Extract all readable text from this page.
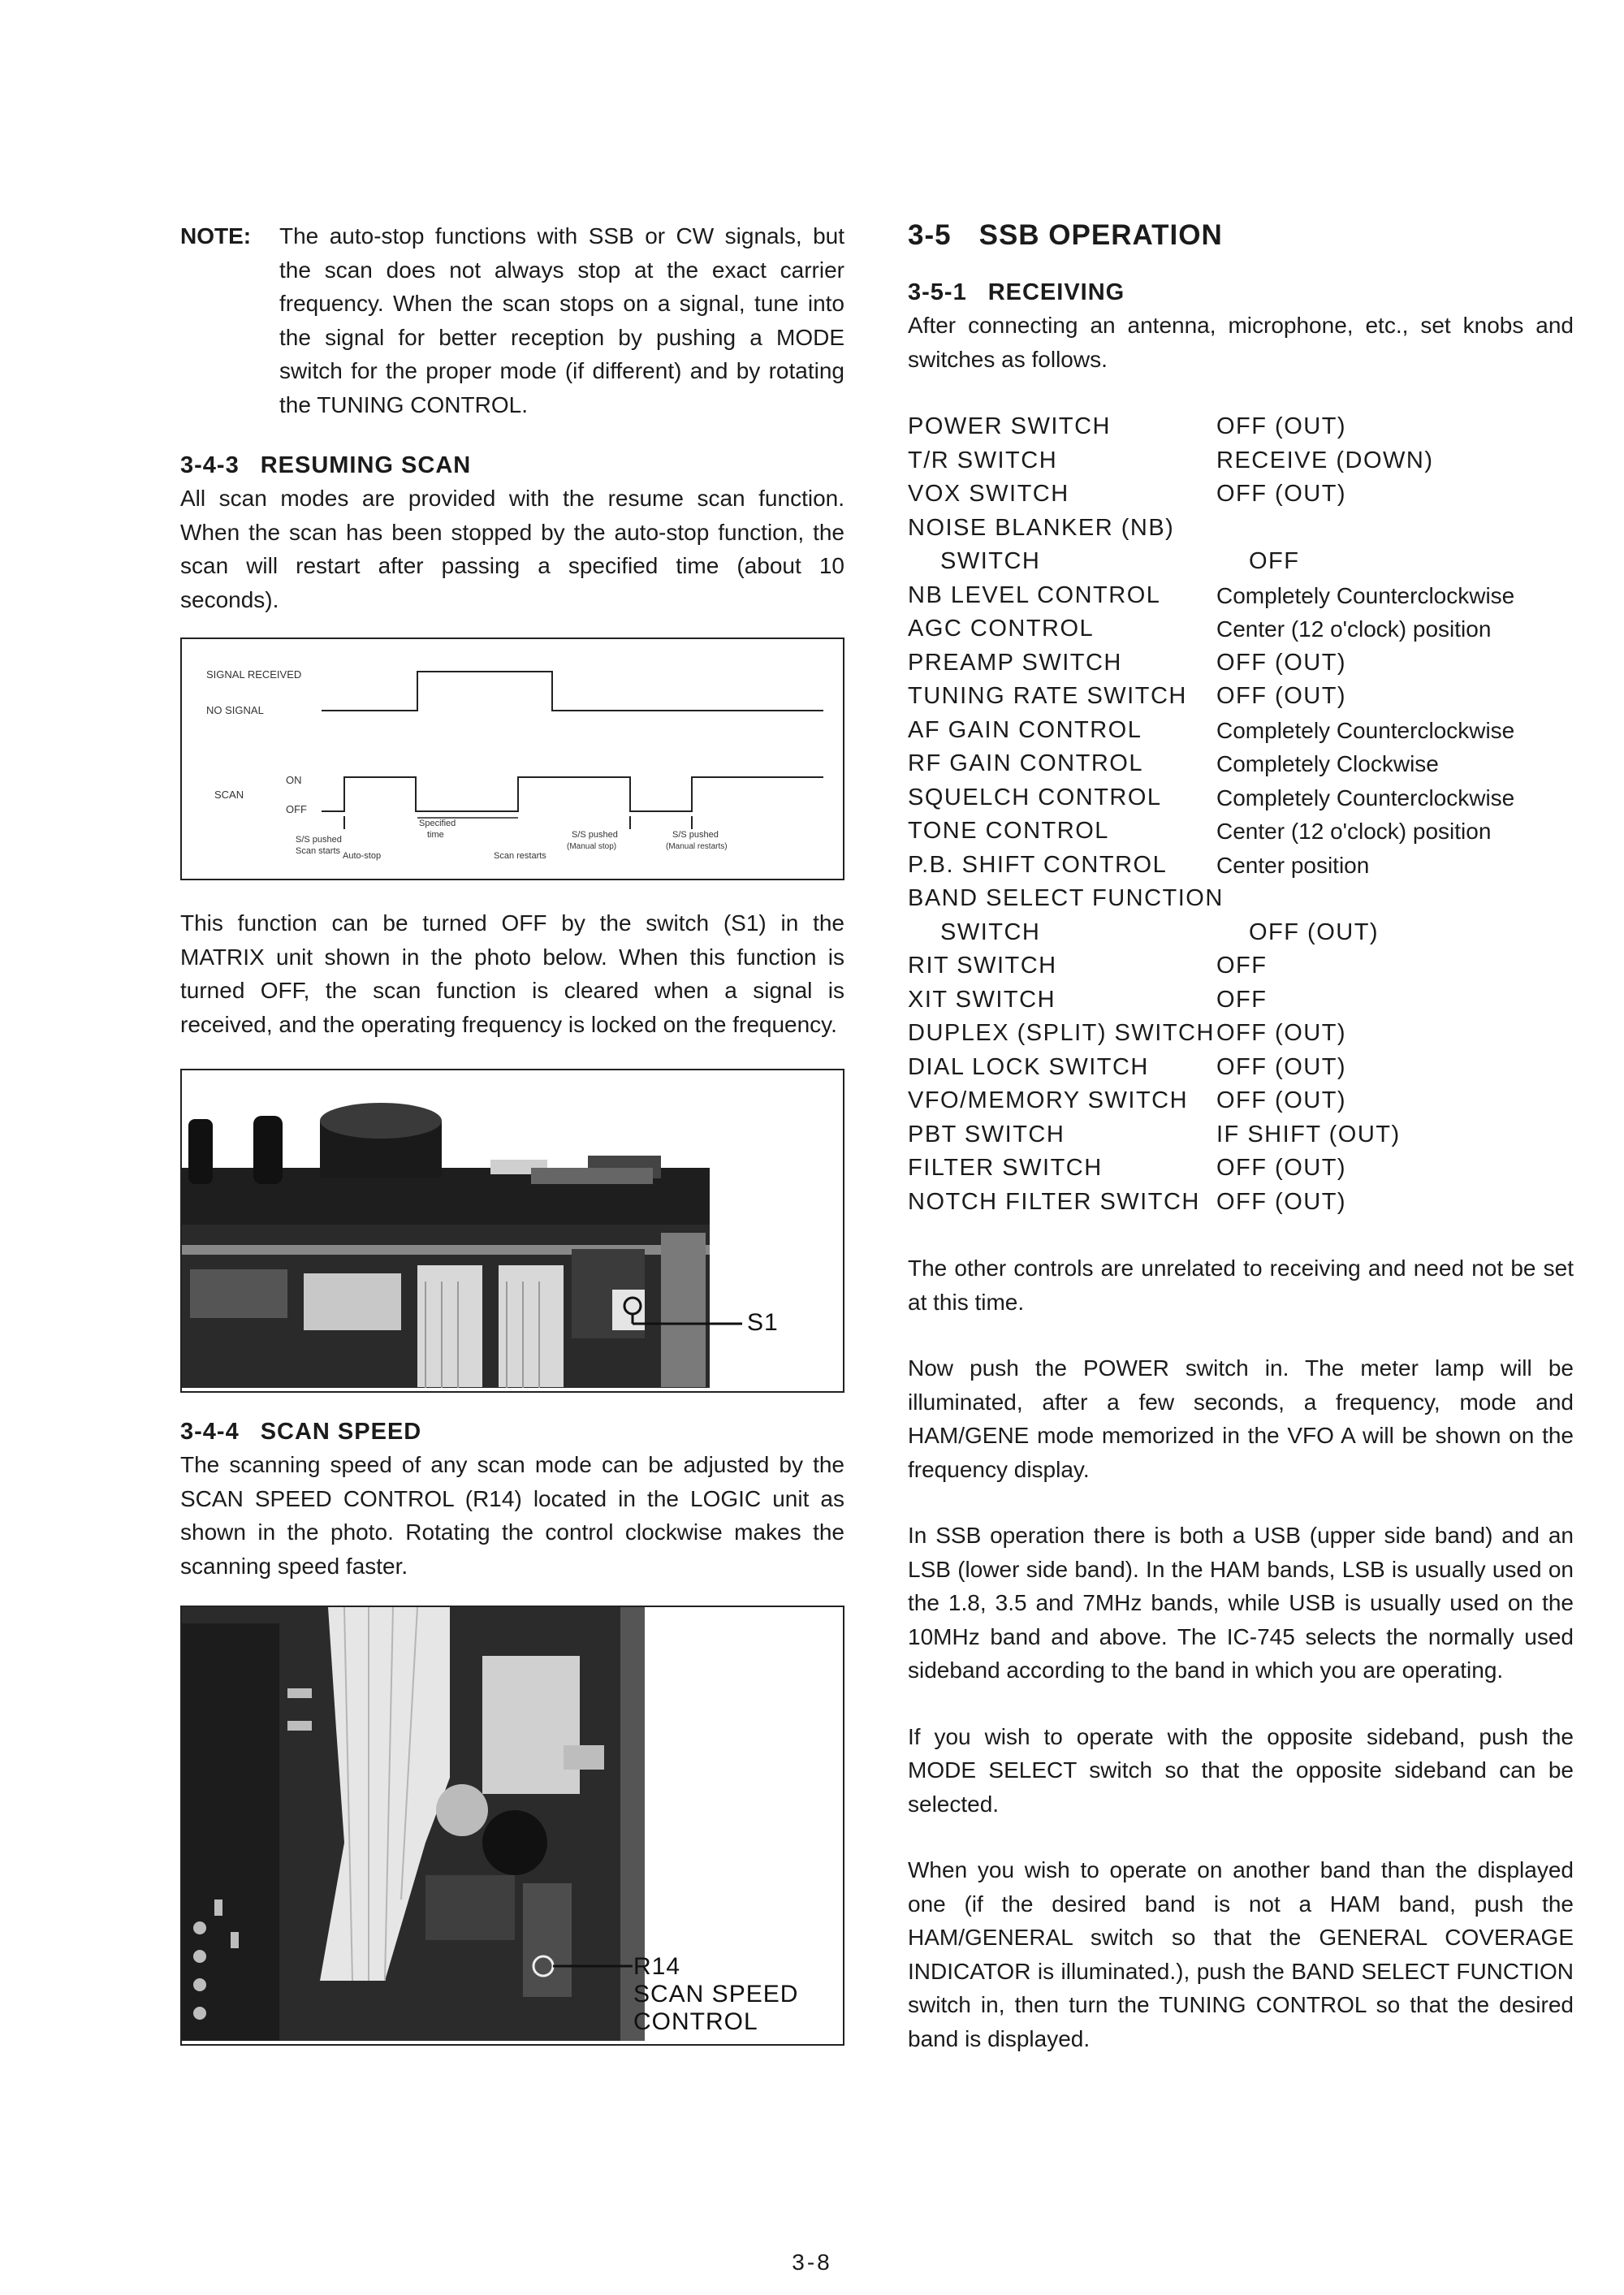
NOTE:	The auto-stop functions with SSB or CW signals, but the scan does not always stop at the exact carrier frequency. When the scan stops on a signal, tune into the signal for better reception by pushing a MODE switch for the proper mode (if different) and by rotating the TUNING CONTROL.
3-4-3 RESUMING SCAN

All scan modes are provided with the resume scan function. When the scan has been stopped by the auto-stop function, the scan will restart after passing a specified time (about 10 seconds).

SIGNAL RECEIVED
NO SIGNAL
ON
SCAN
OFF
S/S pushed
Scan starts
Specified
time
Auto-stop	Scan restarts
S/S pushed
(Manual stop)
S/S pushed
(Manual restarts)

This function can be turned OFF by the switch (S1) in the MATRIX unit shown in the photo below. When this function is turned OFF, the scan function is cleared when a signal is received, and the operating frequency is locked on the frequency.

S1
3-4-4 SCAN SPEED

The scanning speed of any scan mode can be adjusted by the SCAN SPEED CONTROL (R14) located in the LOGIC unit as shown in the photo. Rotating the control clockwise makes the scanning speed faster.

R14
SCAN SPEED
CONTROL
3-5 SSB OPERATION
3-5-1 RECEIVING

After connecting an antenna, microphone, etc., set knobs and switches as follows.

POWER SWITCH	OFF (OUT)
T/R SWITCH	RECEIVE (DOWN)
VOX SWITCH	OFF (OUT)
NOISE BLANKER (NB)
SWITCH	OFF
NB LEVEL CONTROL	Completely Counterclockwise
AGC CONTROL	Center (12 o'clock) position
PREAMP SWITCH	OFF (OUT)
TUNING RATE SWITCH	OFF (OUT)
AF GAIN CONTROL	Completely Counterclockwise
RF GAIN CONTROL	Completely Clockwise
SQUELCH CONTROL	Completely Counterclockwise
TONE CONTROL	Center (12 o'clock) position
P.B. SHIFT CONTROL	Center position
BAND SELECT FUNCTION
SWITCH	OFF (OUT)
RIT SWITCH	OFF
XIT SWITCH	OFF
DUPLEX (SPLIT) SWITCH OFF (OUT)
DIAL LOCK SWITCH	OFF (OUT)
VFO/MEMORY SWITCH	OFF (OUT)
PBT SWITCH	IF SHIFT (OUT)
FILTER SWITCH	OFF (OUT)
NOTCH FILTER SWITCH OFF (OUT)

The other controls are unrelated to receiving and need not be set at this time.

Now push the POWER switch in. The meter lamp will be illuminated, after a few seconds, a frequency, mode and HAM/GENE mode memorized in the VFO A will be shown on the frequency display.

In SSB operation there is both a USB (upper side band) and an LSB (lower side band). In the HAM bands, LSB is usually used on the 1.8, 3.5 and 7MHz bands, while USB is usually used on the 10MHz band and above. The IC-745 selects the normally used sideband according to the band in which you are operating.

If you wish to operate with the opposite sideband, push the MODE SELECT switch so that the opposite sideband can be selected.

When you wish to operate on another band than the displayed one (if the desired band is not a HAM band, push the HAM/GENERAL switch so that the GENERAL COVERAGE INDICATOR is illuminated.), push the BAND SELECT FUNCTION switch in, then turn the TUNING CONTROL so that the desired band is displayed.

3-8
